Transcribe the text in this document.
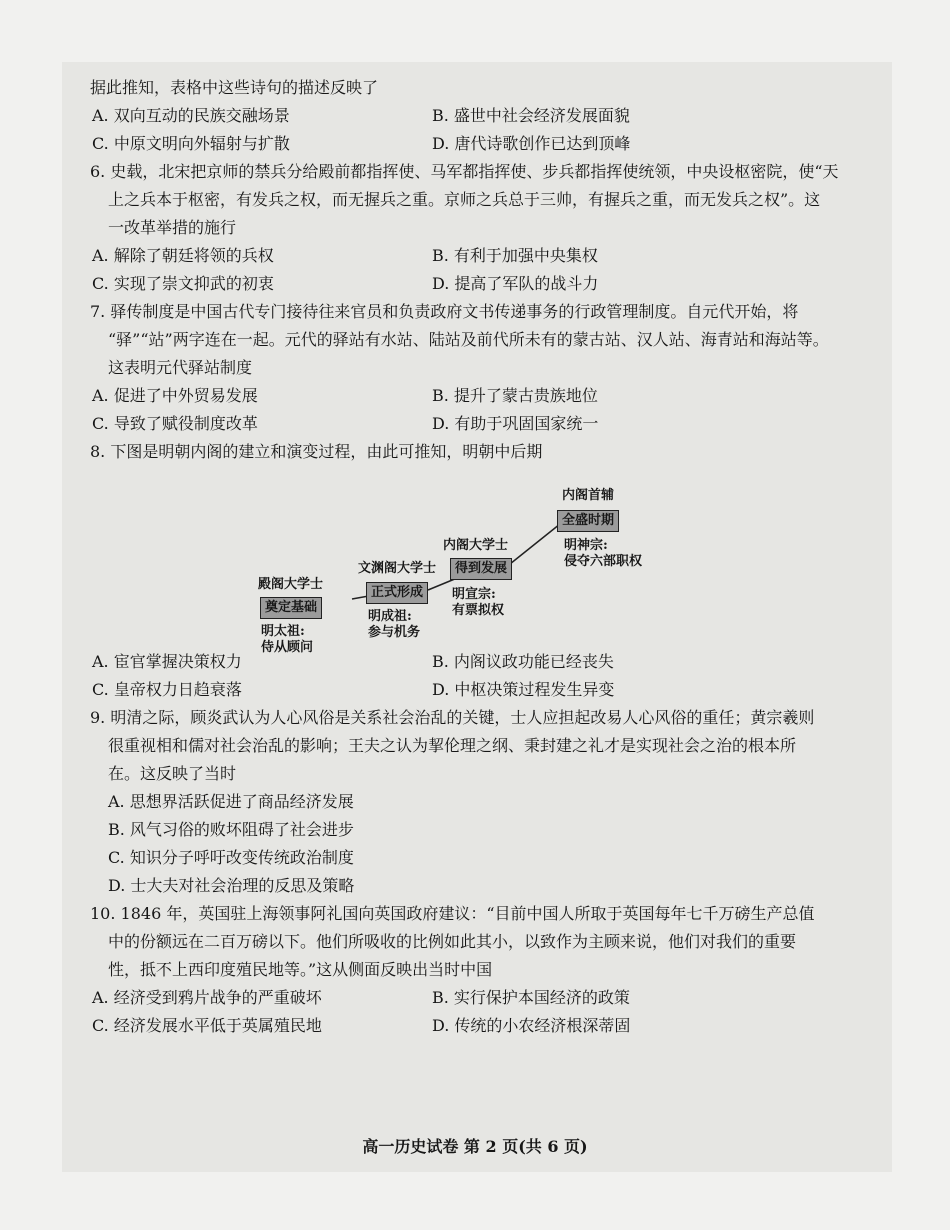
据此推知，表格中这些诗句的描述反映了
A. 双向互动的民族交融场景	B. 盛世中社会经济发展面貌
C. 中原文明向外辐射与扩散	D. 唐代诗歌创作已达到顶峰
6. 史载，北宋把京师的禁兵分给殿前都指挥使、马军都指挥使、步兵都指挥使统领，中央设枢密院，使“天
上之兵本于枢密，有发兵之权，而无握兵之重。京师之兵总于三帅，有握兵之重，而无发兵之权”。这
一改革举措的施行
A. 解除了朝廷将领的兵权	B. 有利于加强中央集权
C. 实现了崇文抑武的初衷	D. 提高了军队的战斗力
7. 驿传制度是中国古代专门接待往来官员和负责政府文书传递事务的行政管理制度。自元代开始，将
“驿”“站”两字连在一起。元代的驿站有水站、陆站及前代所未有的蒙古站、汉人站、海青站和海站等。
这表明元代驿站制度
A. 促进了中外贸易发展	B. 提升了蒙古贵族地位
C. 导致了赋役制度改革	D. 有助于巩固国家统一
8. 下图是明朝内阁的建立和演变过程，由此可推知，明朝中后期
殿阁大学士
奠定基础
明太祖:
侍从顾问
文渊阁大学士
正式形成
明成祖:
参与机务
内阁大学士
得到发展
明宣宗:
有票拟权
内阁首辅
全盛时期
明神宗:
侵夺六部职权
A. 宦官掌握决策权力	B. 内阁议政功能已经丧失
C. 皇帝权力日趋衰落	D. 中枢决策过程发生异变
9. 明清之际，顾炎武认为人心风俗是关系社会治乱的关键，士人应担起改易人心风俗的重任；黄宗羲则
很重视相和儒对社会治乱的影响；王夫之认为挈伦理之纲、秉封建之礼才是实现社会之治的根本所
在。这反映了当时
A. 思想界活跃促进了商品经济发展
B. 风气习俗的败坏阻碍了社会进步
C. 知识分子呼吁改变传统政治制度
D. 士大夫对社会治理的反思及策略
10. 1846 年，英国驻上海领事阿礼国向英国政府建议：“目前中国人所取于英国每年七千万磅生产总值
中的份额远在二百万磅以下。他们所吸收的比例如此其小，以致作为主顾来说，他们对我们的重要
性，抵不上西印度殖民地等。”这从侧面反映出当时中国
A. 经济受到鸦片战争的严重破坏	B. 实行保护本国经济的政策
C. 经济发展水平低于英属殖民地	D. 传统的小农经济根深蒂固
高一历史试卷 第 2 页(共 6 页)
